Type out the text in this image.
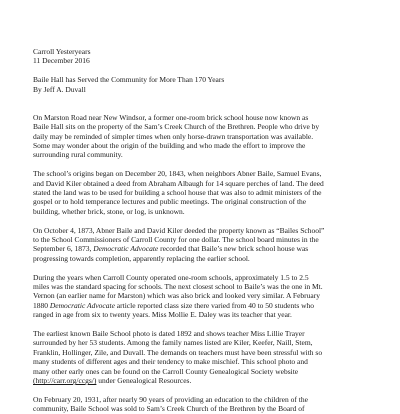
Carroll Yesteryears
11 December 2016
Baile Hall has Served the Community for More Than 170 Years
By Jeff A. Duvall
On Marston Road near New Windsor, a former one-room brick school house now known as
Baile Hall sits on the property of the Sam’s Creek Church of the Brethren. People who drive by
daily may be reminded of simpler times when only horse-drawn transportation was available.
Some may wonder about the origin of the building and who made the effort to improve the
surrounding rural community.
The school’s origins began on December 20, 1843, when neighbors Abner Baile, Samuel Evans,
and David Kiler obtained a deed from Abraham Albaugh for 14 square perches of land. The deed
stated the land was to be used for building a school house that was also to admit ministers of the
gospel or to hold temperance lectures and public meetings. The original construction of the
building, whether brick, stone, or log, is unknown.
On October 4, 1873, Abner Baile and David Kiler deeded the property known as “Bailes School”
to the School Commissioners of Carroll County for one dollar. The school board minutes in the
September 6, 1873, Democratic Advocate recorded that Baile’s new brick school house was
progressing towards completion, apparently replacing the earlier school.
During the years when Carroll County operated one-room schools, approximately 1.5 to 2.5
miles was the standard spacing for schools. The next closest school to Baile’s was the one in Mt.
Vernon (an earlier name for Marston) which was also brick and looked very similar. A February
1880 Democratic Advocate article reported class size there varied from 40 to 50 students who
ranged in age from six to twenty years. Miss Mollie E. Daley was its teacher that year.
The earliest known Baile School photo is dated 1892 and shows teacher Miss Lillie Trayer
surrounded by her 53 students. Among the family names listed are Kiler, Keefer, Naill, Stem,
Franklin, Hollinger, Zile, and Duvall. The demands on teachers must have been stressful with so
many students of different ages and their tendency to make mischief. This school photo and
many other early ones can be found on the Carroll County Genealogical Society website
(http://carr.org/ccgs/) under Genealogical Resources.
On February 20, 1931, after nearly 90 years of providing an education to the children of the
community, Baile School was sold to Sam’s Creek Church of the Brethren by the Board of
